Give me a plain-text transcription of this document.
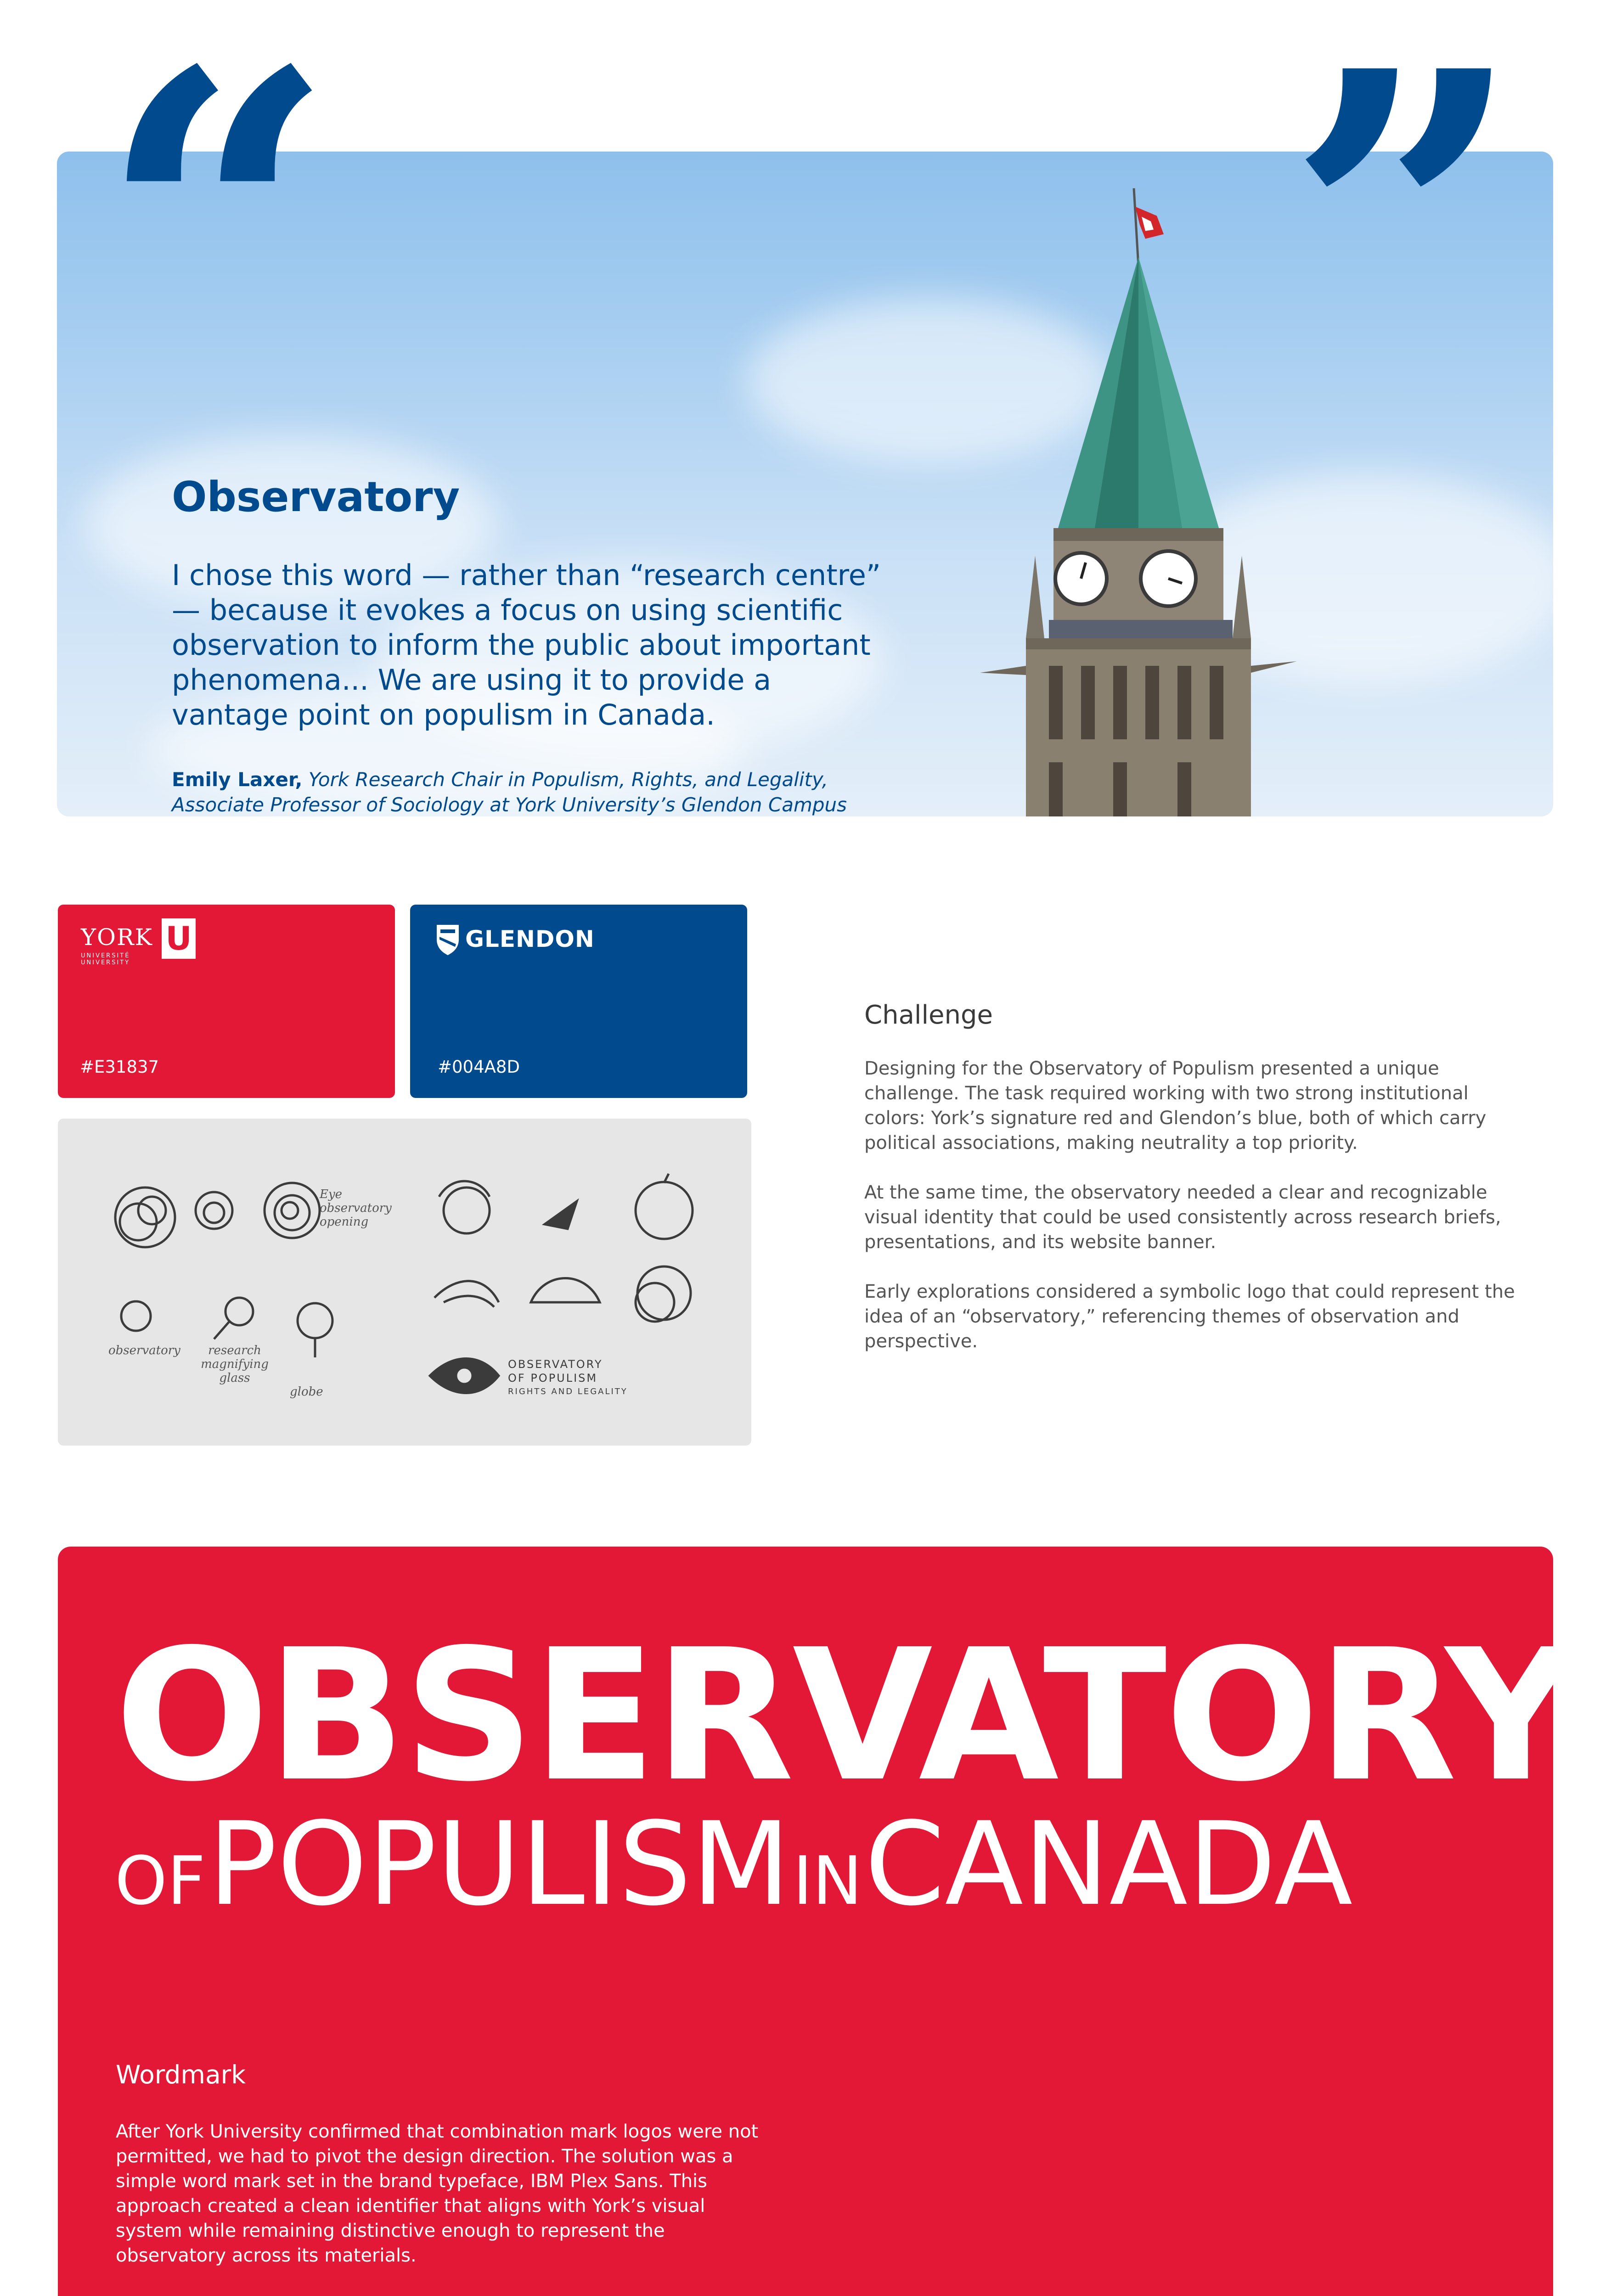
Observatory
I chose this word — rather than “research centre” — because it evokes a focus on using scientific observation to inform the public about important phenomena... We are using it to provide a vantage point on populism in Canada.
Emily Laxer, York Research Chair in Populism, Rights, and Legality, Associate Professor of Sociology at York University’s Glendon Campus
YORK U
UNIVERSITÉ UNIVERSITY
#E31837
GLENDON
#004A8D
Eye observatory opening
observatory	research magnifying glass
globe
OBSERVATORY
OF POPULISM
RIGHTS AND LEGALITY
Challenge

Designing for the Observatory of Populism presented a unique challenge. The task required working with two strong institutional colors: York’s signature red and Glendon’s blue, both of which carry political associations, making neutrality a top priority.

At the same time, the observatory needed a clear and recognizable visual identity that could be used consistently across research briefs, presentations, and its website banner.

Early explorations considered a symbolic logo that could represent the idea of an “observatory,” referencing themes of observation and perspective.

OBSERVATORY
OF POPULISM IN CANADA
Wordmark
After York University confirmed that combination mark logos were not permitted, we had to pivot the design direction. The solution was a simple word mark set in the brand typeface, IBM Plex Sans. This approach created a clean identifier that aligns with York’s visual system while remaining distinctive enough to represent the observatory across its materials.
